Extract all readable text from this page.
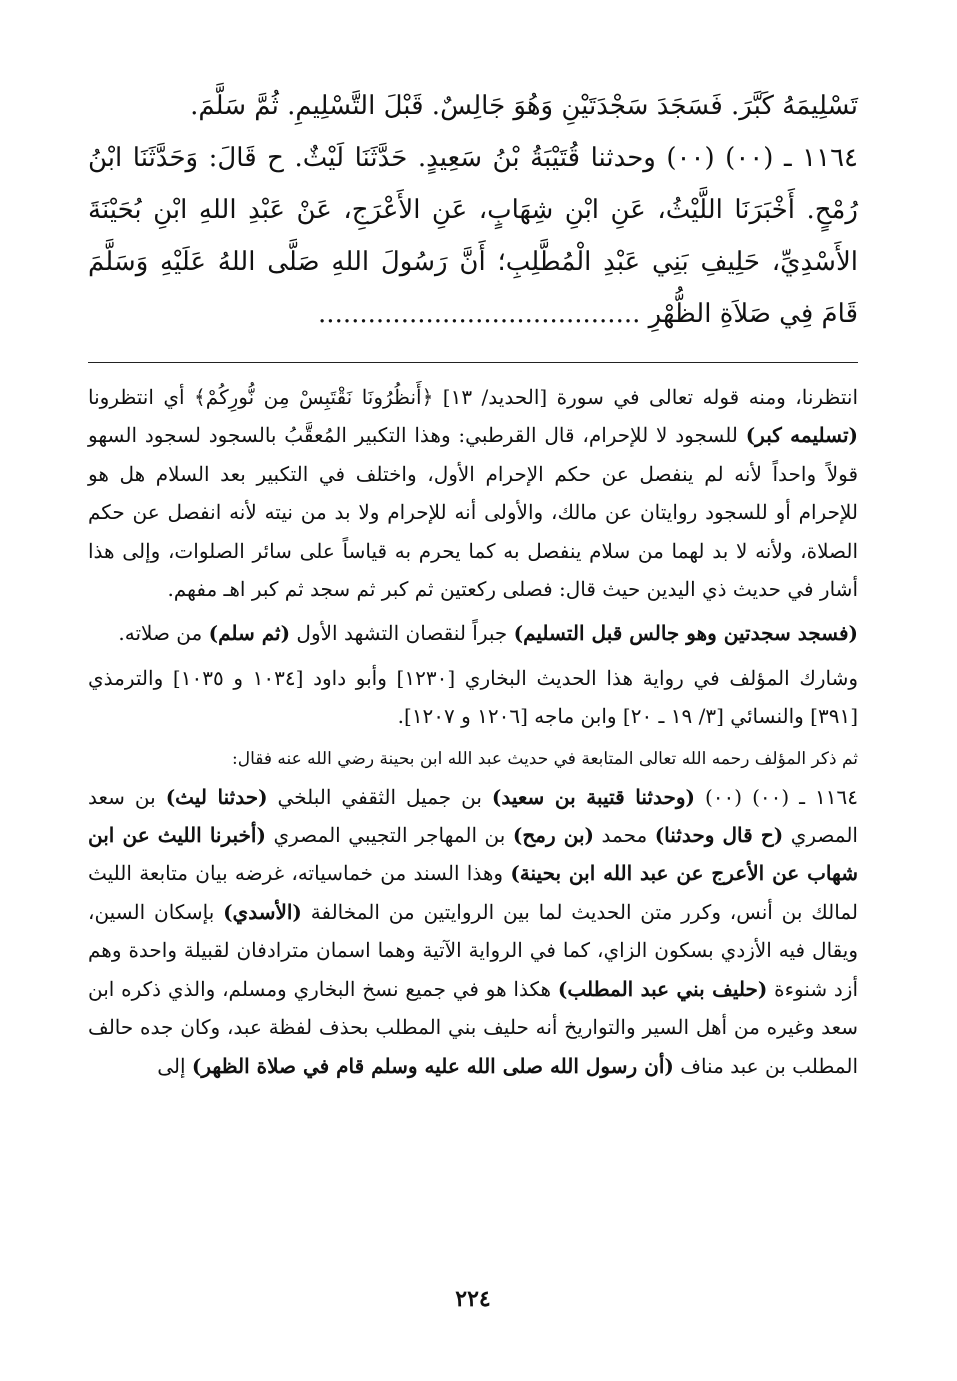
تَسْلِيمَهُ كَبَّرَ. فَسَجَدَ سَجْدَتَيْنِ وَهُوَ جَالِسٌ. قَبْلَ التَّسْلِيمِ. ثُمَّ سَلَّمَ.

١١٦٤ ـ (٠٠) (٠٠) وحدثنا قُتَيْبَةُ بْنُ سَعِيدٍ. حَدَّثَنَا لَيْثٌ. ح قَالَ: وَحَدَّثَنَا ابْنُ رُمْحٍ. أَخْبَرَنَا اللَّيْثُ، عَنِ ابْنِ شِهَابٍ، عَنِ الأَعْرَجِ، عَنْ عَبْدِ اللهِ ابْنِ بُحَيْنَةَ الأَسْدِيِّ، حَلِيفِ بَنِي عَبْدِ الْمُطَّلِبِ؛ أَنَّ رَسُولَ اللهِ صَلَّى اللهُ عَلَيْهِ وَسَلَّمَ قَامَ فِي صَلاَةِ الظُّهْرِ .......................................

انتظرنا، ومنه قوله تعالى في سورة [الحديد/ ١٣] ﴿أَنظُرُونَا نَقْتَبِسْ مِن نُّورِكُمْ﴾ أي انتظرونا (تسليمه كبر) للسجود لا للإحرام، قال القرطبي: وهذا التكبير المُعقَّبُ بالسجود لسجود السهو قولاً واحداً لأنه لم ينفصل عن حكم الإحرام الأول، واختلف في التكبير بعد السلام هل هو للإحرام أو للسجود روايتان عن مالك، والأولى أنه للإحرام ولا بد من نيته لأنه انفصل عن حكم الصلاة، ولأنه لا بد لهما من سلام ينفصل به كما يحرم به قياساً على سائر الصلوات، وإلى هذا أشار في حديث ذي اليدين حيث قال: فصلى ركعتين ثم كبر ثم سجد ثم كبر اهـ مفهم.

(فسجد سجدتين وهو جالس قبل التسليم) جبراً لنقصان التشهد الأول (ثم سلم) من صلاته.

وشارك المؤلف في رواية هذا الحديث البخاري [١٢٣٠] وأبو داود [١٠٣٤ و ١٠٣٥] والترمذي [٣٩١] والنسائي [٣/ ١٩ ـ ٢٠] وابن ماجه [١٢٠٦ و ١٢٠٧].

ثم ذكر المؤلف رحمه الله تعالى المتابعة في حديث عبد الله ابن بحينة رضي الله عنه فقال:

١١٦٤ ـ (٠٠) (٠٠) (وحدثنا قتيبة بن سعيد) بن جميل الثقفي البلخي (حدثنا ليث) بن سعد المصري (ح قال وحدثنا) محمد (بن رمح) بن المهاجر التجيبي المصري (أخبرنا الليث عن ابن شهاب عن الأعرج عن عبد الله ابن بحينة) وهذا السند من خماسياته، غرضه بيان متابعة الليث لمالك بن أنس، وكرر متن الحديث لما بين الروايتين من المخالفة (الأسدي) بإسكان السين، ويقال فيه الأزدي بسكون الزاي، كما في الرواية الآتية وهما اسمان مترادفان لقبيلة واحدة وهم أزد شنوءة (حليف بني عبد المطلب) هكذا هو في جميع نسخ البخاري ومسلم، والذي ذكره ابن سعد وغيره من أهل السير والتواريخ أنه حليف بني المطلب بحذف لفظة عبد، وكان جده حالف المطلب بن عبد مناف (أن رسول الله صلى الله عليه وسلم قام في صلاة الظهر) إلى

٢٢٤
